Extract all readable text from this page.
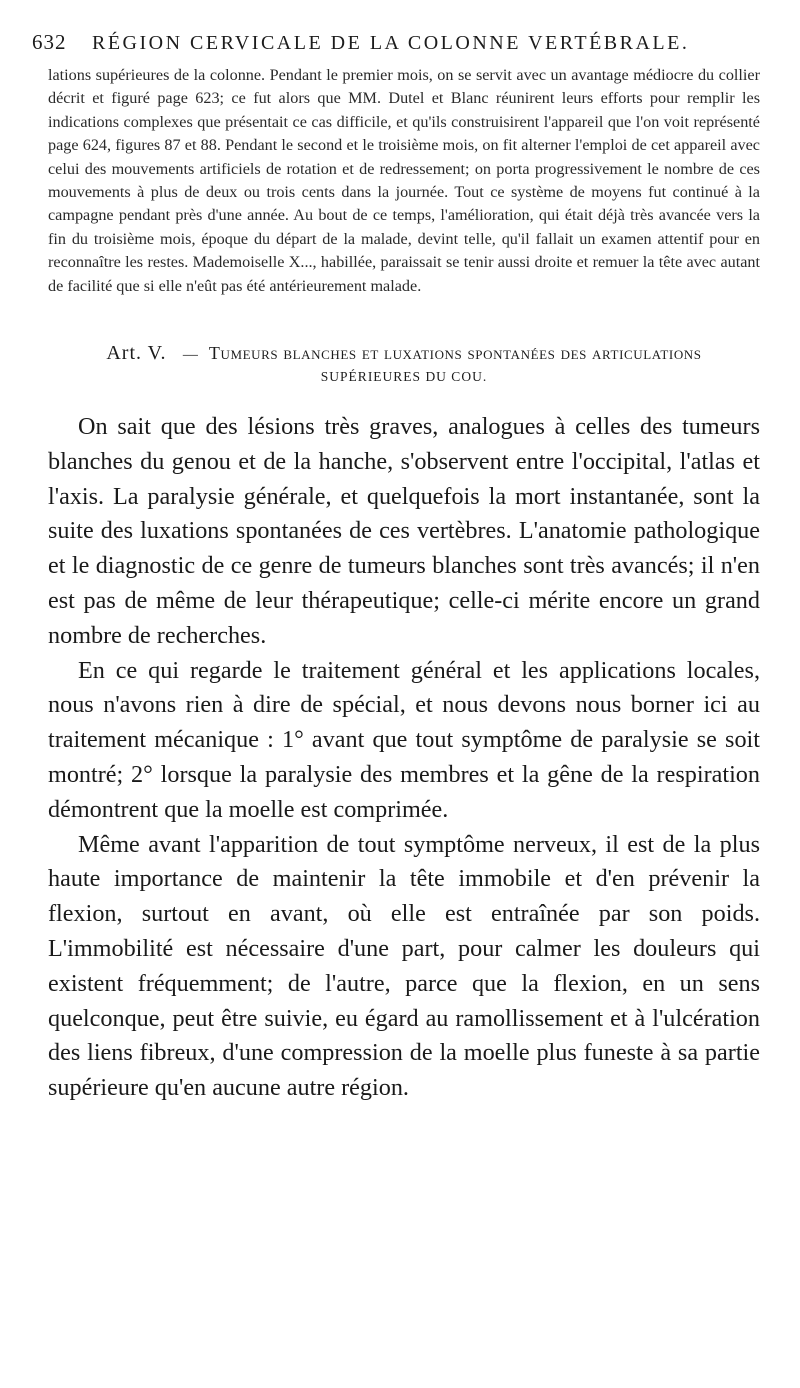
632	RÉGION CERVICALE DE LA COLONNE VERTÉBRALE.

lations supérieures de la colonne. Pendant le premier mois, on se servit avec un avantage médiocre du collier décrit et figuré page 623; ce fut alors que MM. Dutel et Blanc réunirent leurs efforts pour remplir les indications complexes que présentait ce cas difficile, et qu'ils construisirent l'appareil que l'on voit représenté page 624, figures 87 et 88. Pendant le second et le troisième mois, on fit alterner l'emploi de cet appareil avec celui des mouvements artificiels de rotation et de redressement; on porta progressivement le nombre de ces mouvements à plus de deux ou trois cents dans la journée. Tout ce système de moyens fut continué à la campagne pendant près d'une année. Au bout de ce temps, l'amélioration, qui était déjà très avancée vers la fin du troisième mois, époque du départ de la malade, devint telle, qu'il fallait un examen attentif pour en reconnaître les restes. Mademoiselle X..., habillée, paraissait se tenir aussi droite et remuer la tête avec autant de facilité que si elle n'eût pas été antérieurement malade.

Art. V. — Tumeurs blanches et luxations spontanées des articulations
SUPÉRIEURES DU COU.

On sait que des lésions très graves, analogues à celles des tumeurs blanches du genou et de la hanche, s'observent entre l'occipital, l'atlas et l'axis. La paralysie générale, et quelquefois la mort instantanée, sont la suite des luxations spontanées de ces vertèbres. L'anatomie pathologique et le diagnostic de ce genre de tumeurs blanches sont très avancés; il n'en est pas de même de leur thérapeutique; celle-ci mérite encore un grand nombre de recherches.

En ce qui regarde le traitement général et les applications locales, nous n'avons rien à dire de spécial, et nous devons nous borner ici au traitement mécanique : 1° avant que tout symptôme de paralysie se soit montré; 2° lorsque la paralysie des membres et la gêne de la respiration démontrent que la moelle est comprimée.

Même avant l'apparition de tout symptôme nerveux, il est de la plus haute importance de maintenir la tête immobile et d'en prévenir la flexion, surtout en avant, où elle est entraînée par son poids. L'immobilité est nécessaire d'une part, pour calmer les douleurs qui existent fréquemment; de l'autre, parce que la flexion, en un sens quelconque, peut être suivie, eu égard au ramollissement et à l'ulcération des liens fibreux, d'une compression de la moelle plus funeste à sa partie supérieure qu'en aucune autre région.
